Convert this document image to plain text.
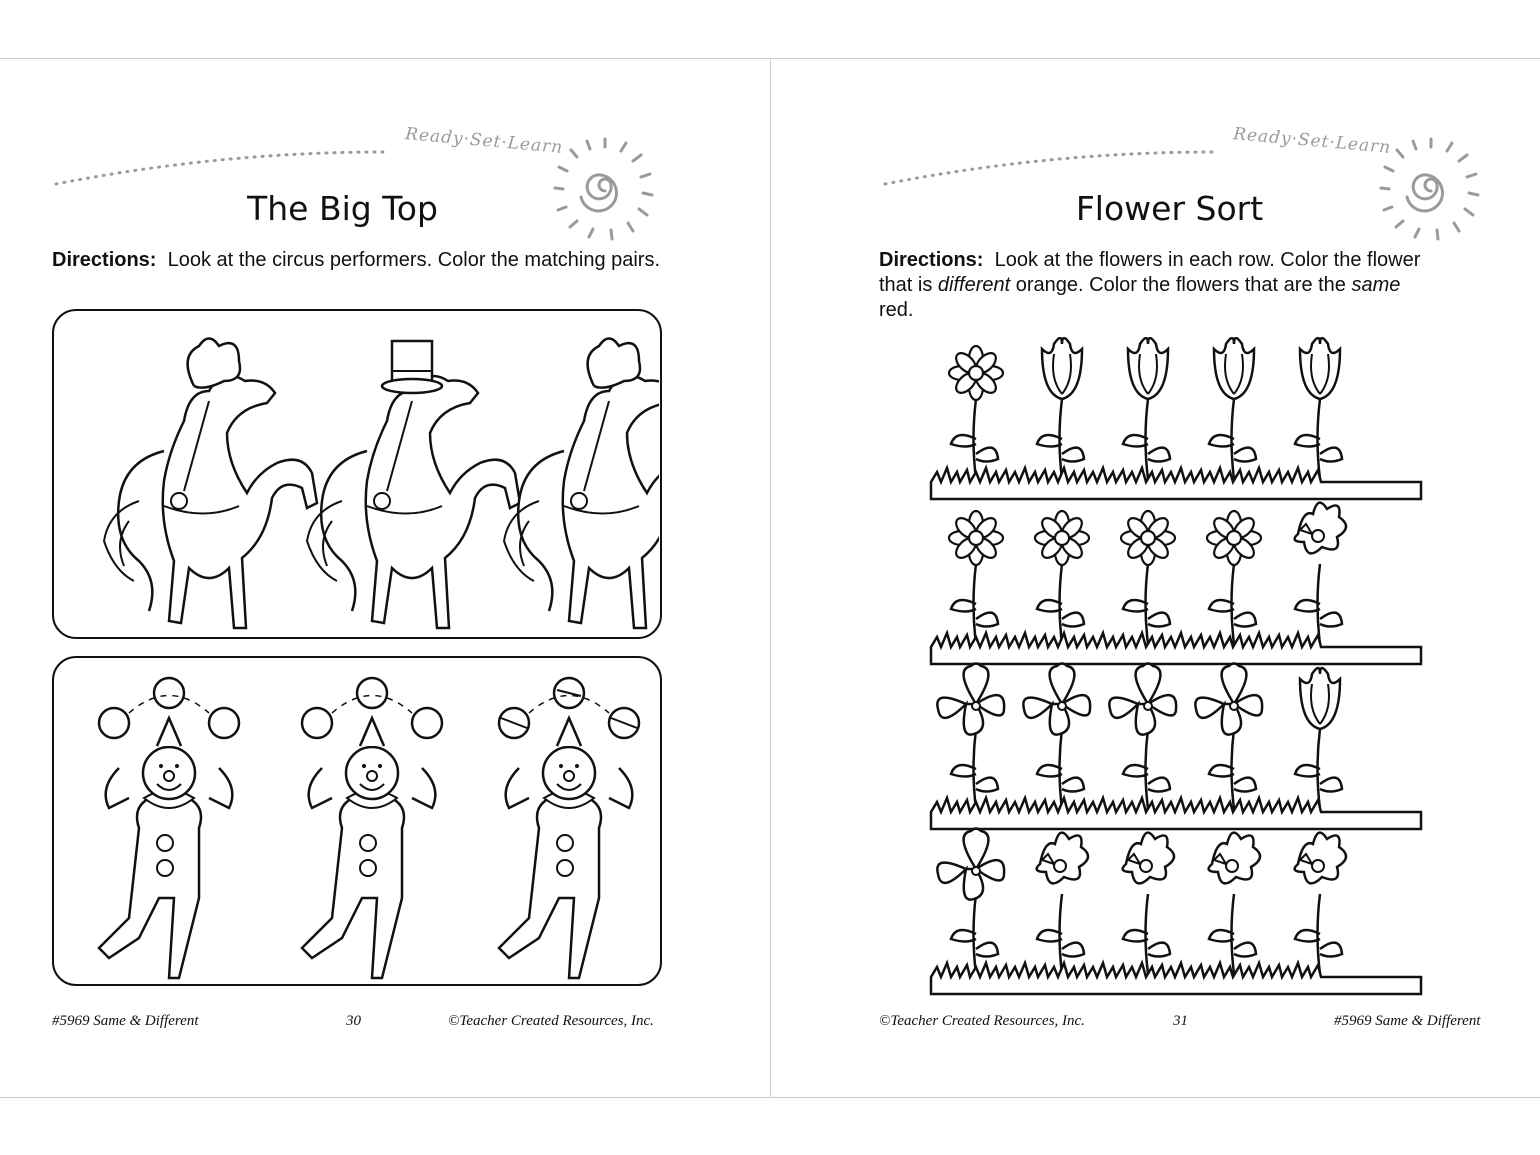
Ready·Set·Learn
The Big Top
Directions: Look at the circus performers. Color the matching pairs.
#5969 Same & Different	30	©Teacher Created Resources, Inc.
Ready·Set·Learn
Flower Sort
Directions: Look at the flowers in each row. Color the flower that is different orange. Color the flowers that are the same red.
©Teacher Created Resources, Inc.	31	#5969 Same & Different
